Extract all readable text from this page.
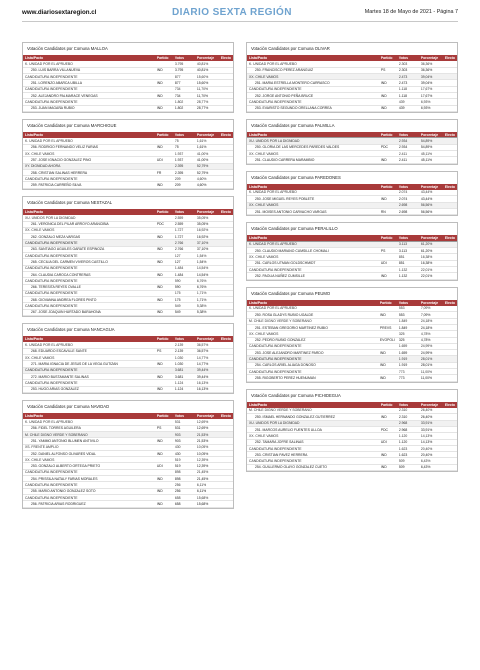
www.diariosextaregion.cl	DIARIO SEXTA REGIÓN	Martes 18 de Mayo de 2021 - Página 7
Votación Candidatos por Comuna MALLOA
Lista/Pacto	Partido	Votos	Porcentaje	Electo
K. UNIDAD POR EL APRUEBO		3.795	40,81%	
250. LUIS BARRA VILLANUEVA	IND	3.795	40,81%	
CANDIDATURA INDEPENDIENTE		877	15,60%	
251. LORENZO ABARCA UBILLA	IND	877	15,60%	
CANDIDATURA INDEPENDIENTE		734	11,70%	
252. ALEJANDRO PALMARACE VENEGAS	IND	734	11,70%	
CANDIDATURA INDEPENDIENTE		1.802	28,77%	
253. JUAN MAGAÑA RUBIO	IND	1.802	28,77%	
Votación Candidatos por Comuna MARCHIGUE
Lista/Pacto	Partido	Votos	Porcentaje	Electo
K. UNIDAD POR EL APRUEBO		75	1,61%	
256. RODRIGO FERNANDO VELIZ FARIAS	IND	75	1,61%	
XX. CHILE VAMOS		1.937	41,00%	
257. JOSE IGNACIO GONZALEZ PINO	UDI	1.937	41,00%	
XY. DIGNIDAD AHORA		2.395	52,79%	
258. CRISTIAN SALINAS HERRERA	FR	2.395	52,79%	
CANDIDATURA INDEPENDIENTE		209	4,60%	
259. PATRICIA CARREÑO SILVA	IND	209	4,60%	
Votación Candidatos por Comuna NESTAZAL
Lista/Pacto	Partido	Votos	Porcentaje	Electo
XU. UNIDOS POR LA DIGNIDAD		2.559	35,05%	
261. VERONICA DEL PILAR ARROYO ARANCIBIA	PDC	2.559	35,05%	
XX. CHILE VAMOS		1.727	16,92%	
262. GONZALO MEZA VARGAS	IND	1.727	16,92%	
CANDIDATURA INDEPENDIENTE		2.766	37,10%	
263. SANTIAGO AGUILES GARATE ESPINOZA	IND	2.766	37,10%	
CANDIDATURA INDEPENDIENTE		127	1,54%	
265. CECILIA DEL CARMEN VIVEROS CASTILLO	IND	127	1,54%	
CANDIDATURA INDEPENDIENTE		1.484	14,54%	
264. CLAUDIA CAROCA CONTRERAS	IND	1.484	14,54%	
CANDIDATURA INDEPENDIENTE		590	6,76%	
266. TERESITA REYES OVALLE	IND	590	6,76%	
CANDIDATURA INDEPENDIENTE		175	1,71%	
268. GIOVANNA ANDREA FLORES PINTO	IND	175	1,71%	
CANDIDATURA INDEPENDIENTE		549	5,38%	
267. JOSE JOAQUIN HURTADO BARAHONA	IND	549	5,38%	
Votación Candidatos por Comuna NANCAGUA
Lista/Pacto	Partido	Votos	Porcentaje	Electo
K. UNIDAD POR EL APRUEBO		2.139	36,57%	
268. EDUARDO ESCAVILLE SANTE	PS	2.139	36,57%	
XX. CHILE VAMOS		1.030	14,77%	
271. MARIA IGNACIA DE JESUS DE LA VEGA GUTIZAN	IND	1.030	14,77%	
CANDIDATURA INDEPENDIENTE		3.681	39,44%	
272. MARIO BUSTAMANTE SALINAS	IND	3.681	39,44%	
CANDIDATURA INDEPENDIENTE		1.124	16,13%	
253. HUGO ARIAS GONZALEZ	IND	1.124	16,13%	
Votación Candidatos por Comuna NAVIDAD
Lista/Pacto	Partido	Votos	Porcentaje	Electo
K. UNIDAD POR EL APRUEBO		531	12,69%	
256. FIDEL TORRES AGUILERA	PS	531	12,69%	
M. CHILE DIGNO VERDE Y SOBERANO		903	21,53%	
251. YAMMO ANTONIO BLUMEN ANTIVILO	IND	903	21,53%	
XS. FRENTE AMPLIO		430	10,05%	
252. DANIEL ALFONSO OLIVARES VIDAL	IND	430	10,05%	
XX. CHILE VAMOS		519	12,39%	
253. GONZALO ALBERTO ORTEGA PRIETO	UDI	519	12,39%	
CANDIDATURA INDEPENDIENTE		898	21,45%	
254. PRISSILA NATALY FARIAS MORALES	IND	898	21,45%	
CANDIDATURA INDEPENDIENTE		256	6,11%	
255. MARIO ANTONIO GONZALEZ SOTO	IND	256	6,11%	
CANDIDATURA INDEPENDIENTE		658	15,68%	
256. PATRICIA ARIAS RODRIGUEZ	IND	658	15,68%	
Votación Candidatos por Comuna OLIVAR
Lista/Pacto	Partido	Votos	Porcentaje	Electo
K. UNIDAD POR EL APRUEBO		2.303	36,36%	
250. FRANCISCO PEREZ ARANGUIZ	PS	2.303	36,36%	
XX. CHILE VAMOS		2.473	39,04%	
251. MARIA ESTRELLA MONTERO CARRASCO	IND	2.473	39,04%	
CANDIDATURA INDEPENDIENTE		1.118	17,67%	
252. JORGE ANTONIO PEÑA BRUCE	IND	1.118	17,67%	
CANDIDATURA INDEPENDIENTE		439	6,93%	
253. EVARISTO SEGUNDO ORELLANA CORREA	IND	439	6,93%	
Votación Candidatos por Comuna PALMILLA
Lista/Pacto	Partido	Votos	Porcentaje	Electo
XU. UNIDOS POR LA DIGNIDAD		2.934	54,89%	
250. GLORIA DE LAS MERCEDES PAREDES VALDES	PDC	2.934	54,89%	
XX. CHILE VAMOS		2.411	45,11%	
251. CLAUDIO CARRERA MARAMBIO	IND	2.411	45,11%	
Votación Candidatos por Comuna PAREDONES
Lista/Pacto	Partido	Votos	Porcentaje	Electo
K. UNIDAD POR EL APRUEBO		2.074	43,44%	
250. JOSE MIGUEL REYES POBLETE	IND	2.074	43,44%	
XX. CHILE VAMOS		2.698	56,56%	
251. MOISES ANTONIO CARVACHO VARGAS	RN	2.698	56,56%	
Votación Candidatos por Comuna PERALILLO
Lista/Pacto	Partido	Votos	Porcentaje	Electo
K. UNIDAD POR EL APRUEBO		3.113	61,20%	
250. CLAUDIO MARIANO CUMSILLE CHOMALI	PS	3.113	61,20%	
XX. CHILE VAMOS		851	16,38%	
251. CARLOS UTMAN GOLDSCHMIDT	UDI	851	16,38%	
CANDIDATURA INDEPENDIENTE		1.132	22,01%	
252. PAOLIA NUÑEZ CUMSILLE	IND	1.132	22,01%	
Votación Candidatos por Comuna PEUMO
Lista/Pacto	Partido	Votos	Porcentaje	Electo
K. UNIDAD POR EL APRUEBO		553	7,09%	
250. ROSA GLADYS RUBIO UGALDE	IND	553	7,09%	
M. CHILE DIGNO VERDE Y SOBERANO		1.849	24,18%	
251. ESTEBAN GREGORIO MARTINEZ RUBIO	PREVS	1.849	24,18%	
XX. CHILE VAMOS		325	4,78%	
252. PEDRO RUBIO GONZALEZ	EVOPOLI	325	4,78%	
CANDIDATURA INDEPENDIENTE		1.659	24,99%	
253. JOSE ALEJANDRO MARTINEZ PARDO	IND	1.659	24,99%	
CANDIDATURA INDEPENDIENTE		1.919	28,01%	
254. CARLOS ARIEL ALIAGA DONOSO	IND	1.919	28,01%	
CANDIDATURA INDEPENDIENTE		773	11,00%	
255. RIGOBERTO PEREZ HUENUMAN	IND	773	11,00%	
Votación Candidatos por Comuna PICHIDEGUA
Lista/Pacto	Partido	Votos	Porcentaje	Electo
M. CHILE DIGNO VERDE Y SOBERANO		2.310	26,40%	
250. ISMAEL HERNANDO GONZALEZ GUTIERREZ	IND	2.310	26,40%	
XU. UNIDOS POR LA DIGNIDAD		2.968	33,91%	
251. MARCOS AURELIO FUENTES ULLOA	PDC	2.968	33,91%	
XX. CHILE VAMOS		1.120	14,13%	
252. TAMARA JOFRE SALINAS	UDI	1.120	14,13%	
CANDIDATURA INDEPENDIENTE		1.623	20,40%	
253. CRISTIAN PAVEZ HERRERA	IND	1.623	20,40%	
CANDIDATURA INDEPENDIENTE		509	6,43%	
254. GUILLERMO OLAYO GONZALEZ CUETO	IND	509	6,43%	
